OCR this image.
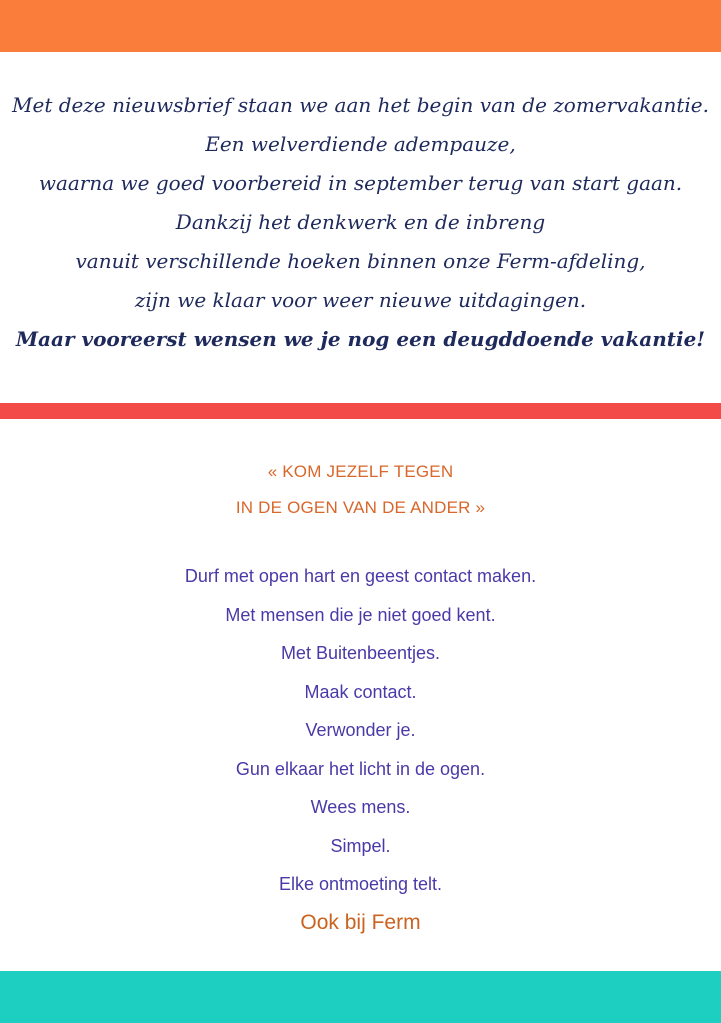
Met deze nieuwsbrief staan we aan het begin van de zomervakantie.
Een welverdiende adempauze,
waarna we goed voorbereid in september terug van start gaan.
Dankzij het denkwerk en de inbreng
vanuit verschillende hoeken binnen onze Ferm-afdeling,
zijn we klaar voor weer nieuwe uitdagingen.
Maar vooreerst wensen we je nog een deugddoende vakantie!
« KOM JEZELF TEGEN
IN DE OGEN VAN DE ANDER »
Durf met open hart en geest contact maken.
Met mensen die je niet goed kent.
Met Buitenbeentjes.
Maak contact.
Verwonder je.
Gun elkaar het licht in de ogen.
Wees mens.
Simpel.
Elke ontmoeting telt.
Ook bij Ferm
